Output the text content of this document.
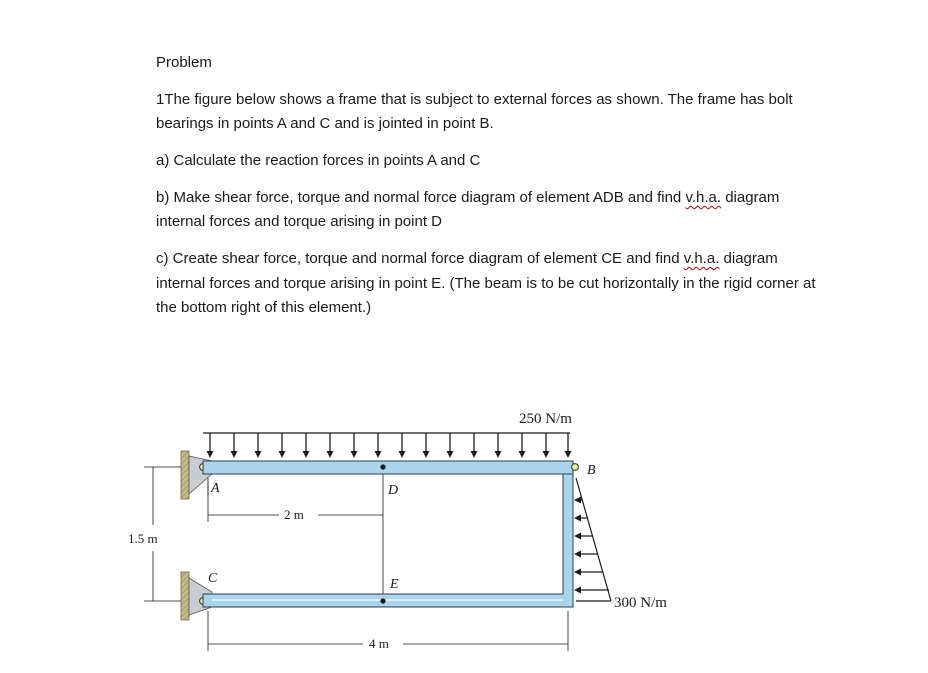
Problem

1The figure below shows a frame that is subject to external forces as shown. The frame has bolt

bearings in points A and C and is jointed in point B.

a) Calculate the reaction forces in points A and C

b) Make shear force, torque and normal force diagram of element ADB and find v.h.a. diagram

internal forces and torque arising in point D

c) Create shear force, torque and normal force diagram of element CE and find v.h.a. diagram

internal forces and torque arising in point E. (The beam is to be cut horizontally in the rigid corner at

the bottom right of this element.)

250 N/m
B
A	D
2 m
1.5 m
C	E
300 N/m
4 m
